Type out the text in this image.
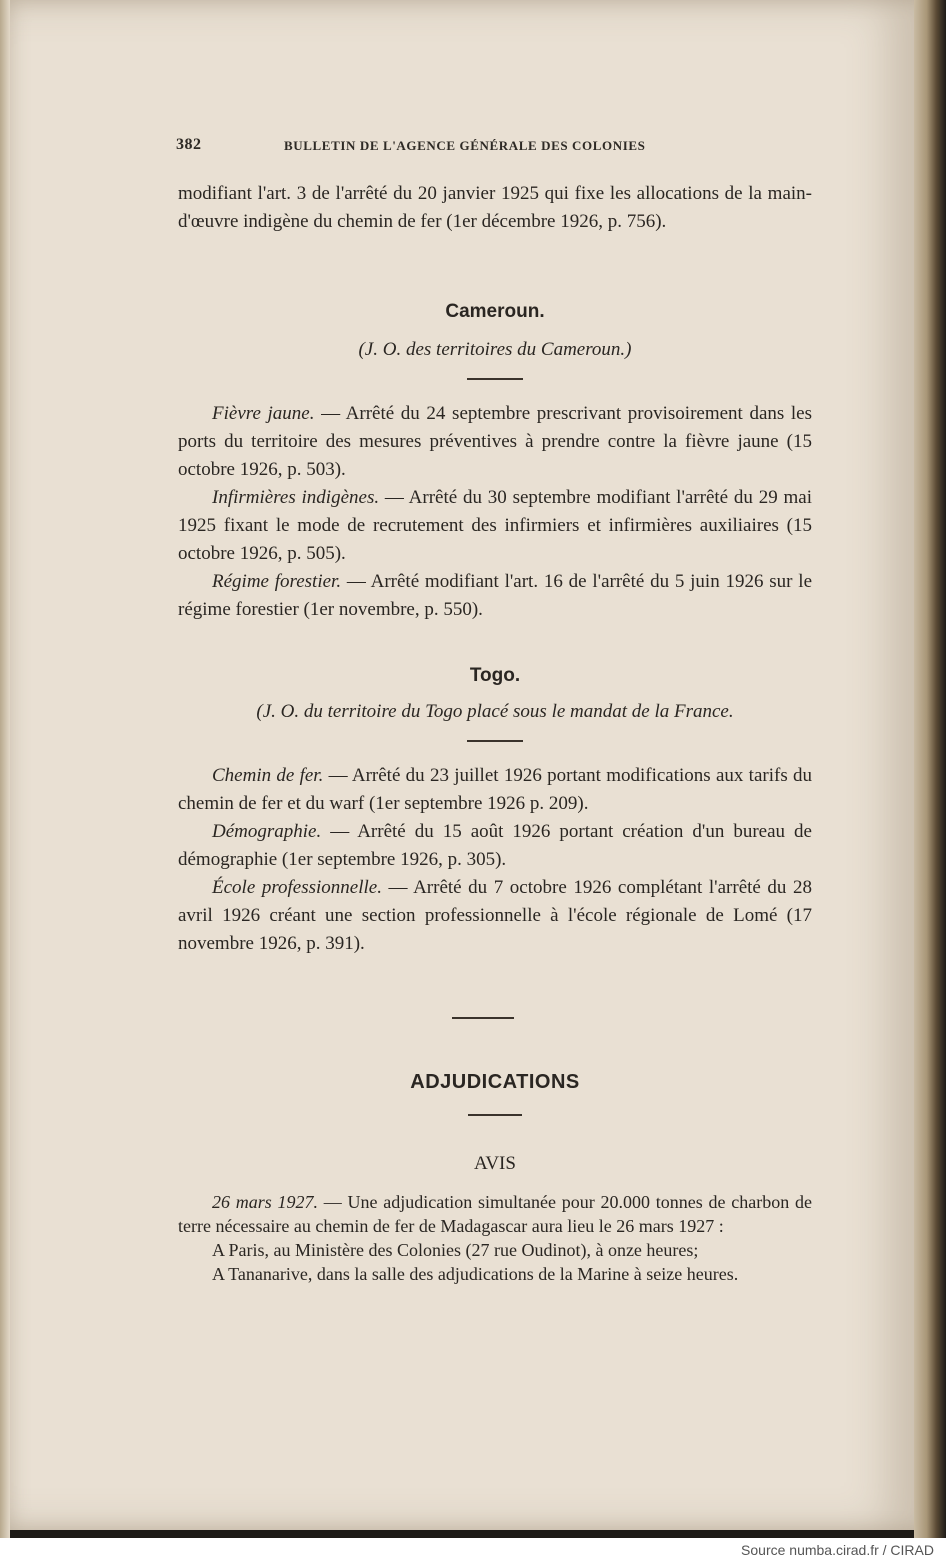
382	BULLETIN DE L'AGENCE GÉNÉRALE DES COLONIES

modifiant l'art. 3 de l'arrêté du 20 janvier 1925 qui fixe les allocations de la main-d'œuvre indigène du chemin de fer (1er décembre 1926, p. 756).

Cameroun.
(J. O. des territoires du Cameroun.)

Fièvre jaune. — Arrêté du 24 septembre prescrivant provisoirement dans les ports du territoire des mesures préventives à prendre contre la fièvre jaune (15 octobre 1926, p. 503).

Infirmières indigènes. — Arrêté du 30 septembre modifiant l'arrêté du 29 mai 1925 fixant le mode de recrutement des infirmiers et infirmières auxiliaires (15 octobre 1926, p. 505).

Régime forestier. — Arrêté modifiant l'art. 16 de l'arrêté du 5 juin 1926 sur le régime forestier (1er novembre, p. 550).

Togo.
(J. O. du territoire du Togo placé sous le mandat de la France.

Chemin de fer. — Arrêté du 23 juillet 1926 portant modifications aux tarifs du chemin de fer et du warf (1er septembre 1926 p. 209).

Démographie. — Arrêté du 15 août 1926 portant création d'un bureau de démographie (1er septembre 1926, p. 305).

École professionnelle. — Arrêté du 7 octobre 1926 complétant l'arrêté du 28 avril 1926 créant une section professionnelle à l'école régionale de Lomé (17 novembre 1926, p. 391).

ADJUDICATIONS
AVIS

26 mars 1927. — Une adjudication simultanée pour 20.000 tonnes de charbon de terre nécessaire au chemin de fer de Madagascar aura lieu le 26 mars 1927 :

A Paris, au Ministère des Colonies (27 rue Oudinot), à onze heures;

A Tananarive, dans la salle des adjudications de la Marine à seize heures.

Source numba.cirad.fr / CIRAD
